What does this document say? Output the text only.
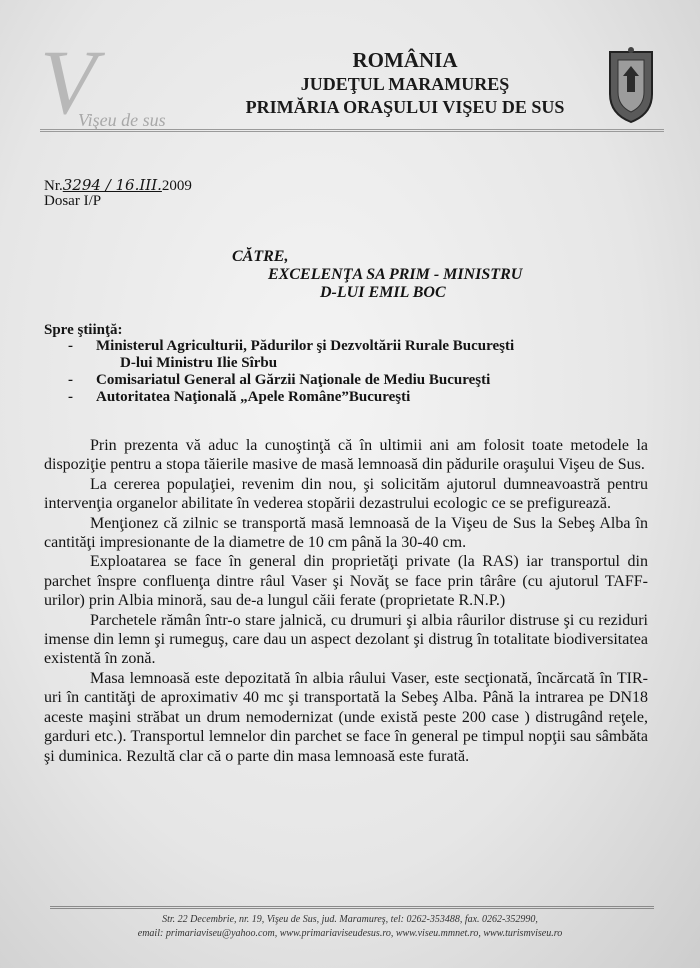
V
Vişeu de sus
ROMÂNIA
JUDEŢUL MARAMUREŞ
PRIMĂRIA ORAŞULUI VIŞEU DE SUS
Nr.3294 / 16.III.2009
Dosar I/P
CĂTRE,
EXCELENŢA SA PRIM - MINISTRU
D-LUI EMIL BOC
Spre ştiinţă:
- Ministerul Agriculturii, Pădurilor şi Dezvoltării Rurale Bucureşti
D-lui Ministru Ilie Sîrbu
- Comisariatul General al Gărzii Naţionale de Mediu Bucureşti
- Autoritatea Naţională „Apele Române”Bucureşti

Prin prezenta vă aduc la cunoştinţă că în ultimii ani am folosit toate metodele la dispoziţie pentru a stopa tăierile masive de masă lemnoasă din pădurile oraşului Vişeu de Sus.

La cererea populaţiei, revenim din nou, şi solicităm ajutorul dumneavoastră pentru intervenţia organelor abilitate în vederea stopării dezastrului ecologic ce se prefigurează.

Menţionez că zilnic se transportă masă lemnoasă de la Vişeu de Sus la Sebeş Alba în cantităţi impresionante de la diametre de 10 cm până la 30-40 cm.

Exploatarea se face în general din proprietăţi private (la RAS) iar transportul din parchet înspre confluenţa dintre râul Vaser şi Novăţ se face prin târâre (cu ajutorul TAFF-urilor) prin Albia minoră, sau de-a lungul căii ferate (proprietate R.N.P.)

Parchetele rămân într-o stare jalnică, cu drumuri şi albia râurilor distruse şi cu reziduri imense din lemn şi rumeguş, care dau un aspect dezolant şi distrug în totalitate biodiversitatea existentă în zonă.

Masa lemnoasă este depozitată în albia râului Vaser, este secţionată, încărcată în TIR-uri în cantităţi de aproximativ 40 mc şi transportată la Sebeş Alba. Până la intrarea pe DN18 aceste maşini străbat un drum nemodernizat (unde există peste 200 case ) distrugând reţele, garduri etc.). Transportul lemnelor din parchet se face în general pe timpul nopţii sau sâmbăta şi duminica. Rezultă clar că o parte din masa lemnoasă este furată.

Str. 22 Decembrie, nr. 19, Vişeu de Sus, jud. Maramureş, tel: 0262-353488, fax. 0262-352990,
email: primariaviseu@yahoo.com, www.primariaviseudesus.ro, www.viseu.mmnet.ro, www.turismviseu.ro
